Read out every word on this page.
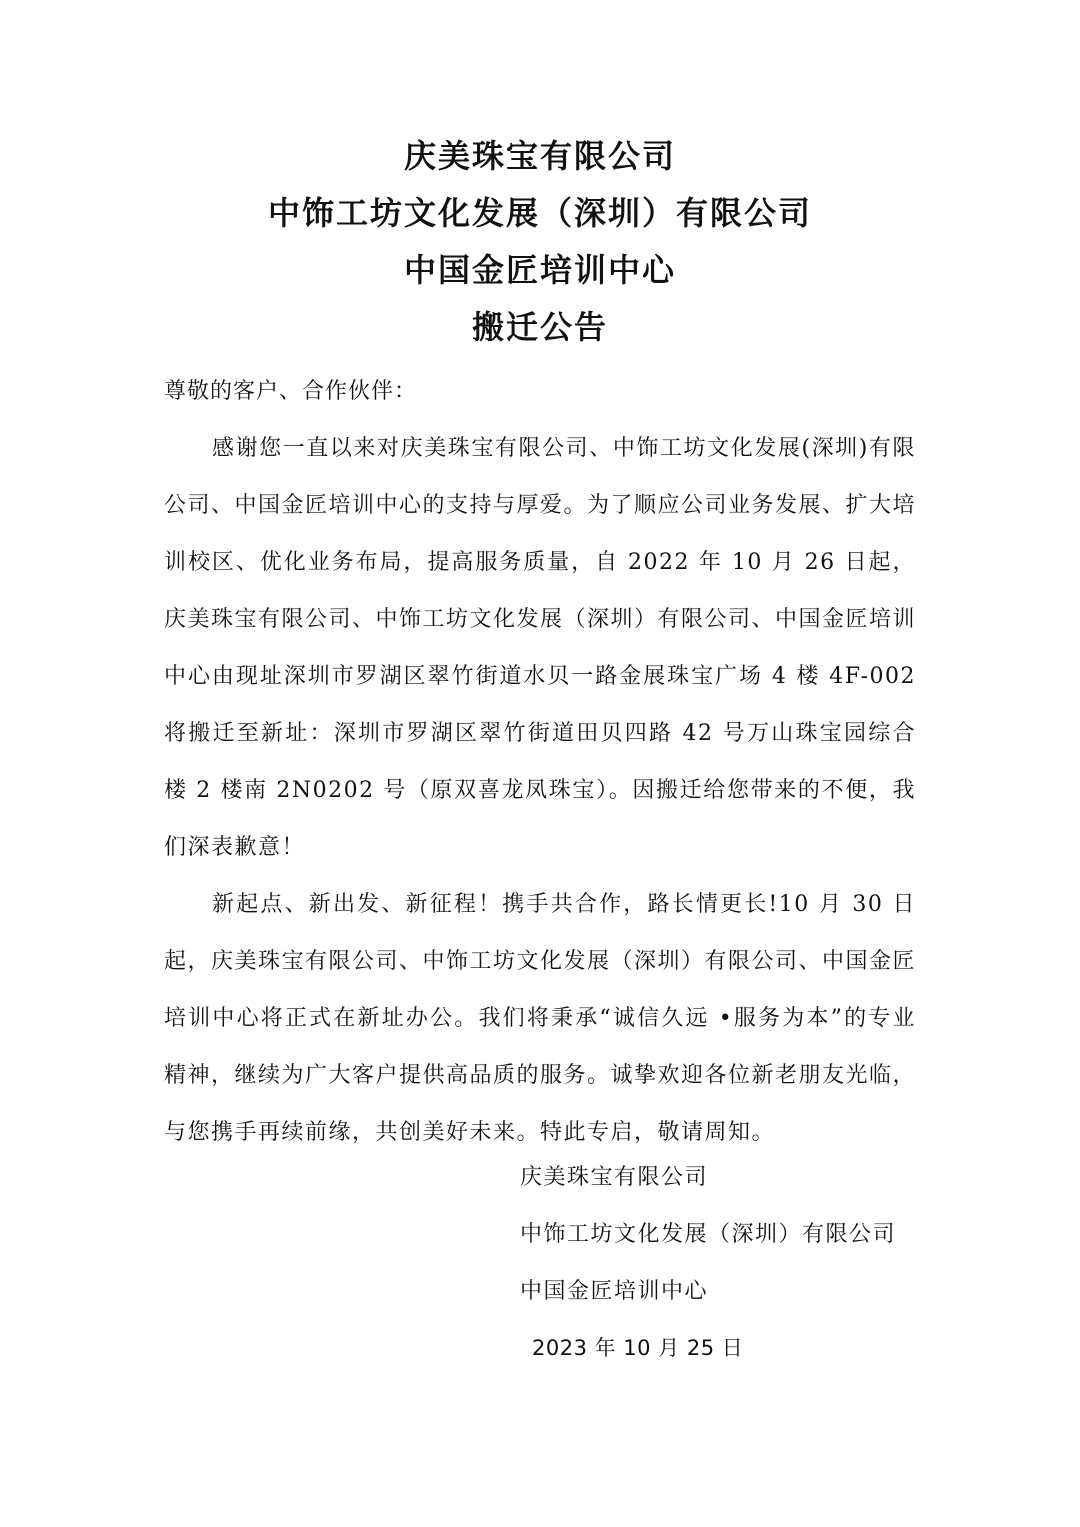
庆美珠宝有限公司
中饰工坊文化发展（深圳）有限公司
中国金匠培训中心
搬迁公告
尊敬的客户、合作伙伴：

感谢您一直以来对庆美珠宝有限公司、中饰工坊文化发展(深圳)有限公司、中国金匠培训中心的支持与厚爱。为了顺应公司业务发展、扩大培训校区、优化业务布局，提高服务质量，自 2022 年 10 月 26 日起，庆美珠宝有限公司、中饰工坊文化发展（深圳）有限公司、中国金匠培训中心由现址深圳市罗湖区翠竹街道水贝一路金展珠宝广场 4 楼 4F-002 将搬迁至新址：深圳市罗湖区翠竹街道田贝四路 42 号万山珠宝园综合楼 2 楼南 2N0202 号（原双喜龙凤珠宝）。因搬迁给您带来的不便，我们深表歉意！

新起点、新出发、新征程！携手共合作，路长情更长!10 月 30 日起，庆美珠宝有限公司、中饰工坊文化发展（深圳）有限公司、中国金匠培训中心将正式在新址办公。我们将秉承“诚信久远 •服务为本”的专业精神，继续为广大客户提供高品质的服务。诚挚欢迎各位新老朋友光临，与您携手再续前缘，共创美好未来。特此专启，敬请周知。

庆美珠宝有限公司
中饰工坊文化发展（深圳）有限公司
中国金匠培训中心
2023 年 10 月 25 日
